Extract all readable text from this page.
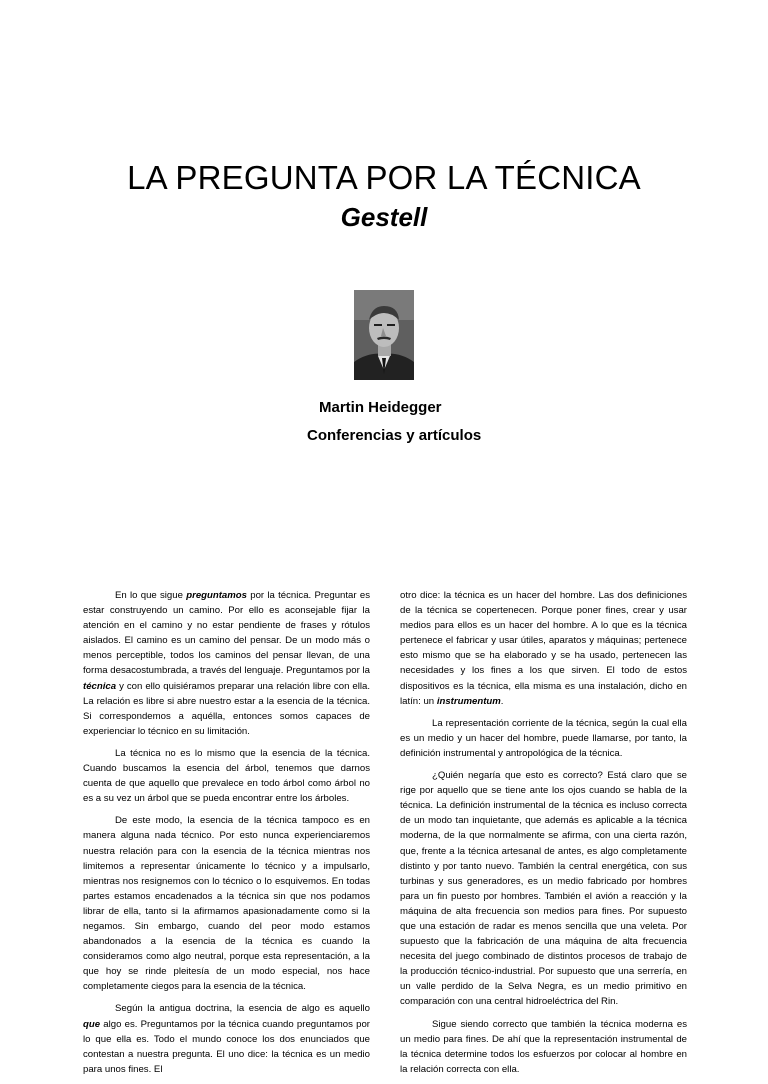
LA PREGUNTA POR LA TÉCNICA
Gestell
Martin Heidegger
Conferencias y artículos

En lo que sigue preguntamos por la técnica. Preguntar es estar construyendo un camino. Por ello es aconsejable fijar la atención en el camino y no estar pendiente de frases y rótulos aislados. El camino es un camino del pensar. De un modo más o menos perceptible, todos los caminos del pensar llevan, de una forma desacostumbrada, a través del lenguaje. Preguntamos por la técnica y con ello quisiéramos preparar una relación libre con ella. La relación es libre si abre nuestro estar a la esencia de la técnica. Si correspondemos a aquélla, entonces somos capaces de experienciar lo técnico en su limitación.

La técnica no es lo mismo que la esencia de la técnica. Cuando buscamos la esencia del árbol, tenemos que darnos cuenta de que aquello que prevalece en todo árbol como árbol no es a su vez un árbol que se pueda encontrar entre los árboles.

De este modo, la esencia de la técnica tampoco es en manera alguna nada técnico. Por esto nunca experienciaremos nuestra relación para con la esencia de la técnica mientras nos limitemos a representar únicamente lo técnico y a impulsarlo, mientras nos resignemos con lo técnico o lo esquivemos. En todas partes estamos encadenados a la técnica sin que nos podamos librar de ella, tanto si la afirmamos apasionadamente como si la negamos. Sin embargo, cuando del peor modo estamos abandonados a la esencia de la técnica es cuando la consideramos como algo neutral, porque esta representación, a la que hoy se rinde pleitesía de un modo especial, nos hace completamente ciegos para la esencia de la técnica.

Según la antigua doctrina, la esencia de algo es aquello que algo es. Preguntamos por la técnica cuando preguntamos por lo que ella es. Todo el mundo conoce los dos enunciados que contestan a nuestra pregunta. El uno dice: la técnica es un medio para unos fines. El

otro dice: la técnica es un hacer del hombre. Las dos definiciones de la técnica se copertenecen. Porque poner fines, crear y usar medios para ellos es un hacer del hombre. A lo que es la técnica pertenece el fabricar y usar útiles, aparatos y máquinas; pertenece esto mismo que se ha elaborado y se ha usado, pertenecen las necesidades y los fines a los que sirven. El todo de estos dispositivos es la técnica, ella misma es una instalación, dicho en latín: un instrumentum.

La representación corriente de la técnica, según la cual ella es un medio y un hacer del hombre, puede llamarse, por tanto, la definición instrumental y antropológica de la técnica.

¿Quién negaría que esto es correcto? Está claro que se rige por aquello que se tiene ante los ojos cuando se habla de la técnica. La definición instrumental de la técnica es incluso correcta de un modo tan inquietante, que además es aplicable a la técnica moderna, de la que normalmente se afirma, con una cierta razón, que, frente a la técnica artesanal de antes, es algo completamente distinto y por tanto nuevo. También la central energética, con sus turbinas y sus generadores, es un medio fabricado por hombres para un fin puesto por hombres. También el avión a reacción y la máquina de alta frecuencia son medios para fines. Por supuesto que una estación de radar es menos sencilla que una veleta. Por supuesto que la fabricación de una máquina de alta frecuencia necesita del juego combinado de distintos procesos de trabajo de la producción técnico-industrial. Por supuesto que una serrería, en un valle perdido de la Selva Negra, es un medio primitivo en comparación con una central hidroeléctrica del Rin.

Sigue siendo correcto que también la técnica moderna es un medio para fines. De ahí que la representación instrumental de la técnica determine todos los esfuerzos por colocar al hombre en la relación correcta con ella.
